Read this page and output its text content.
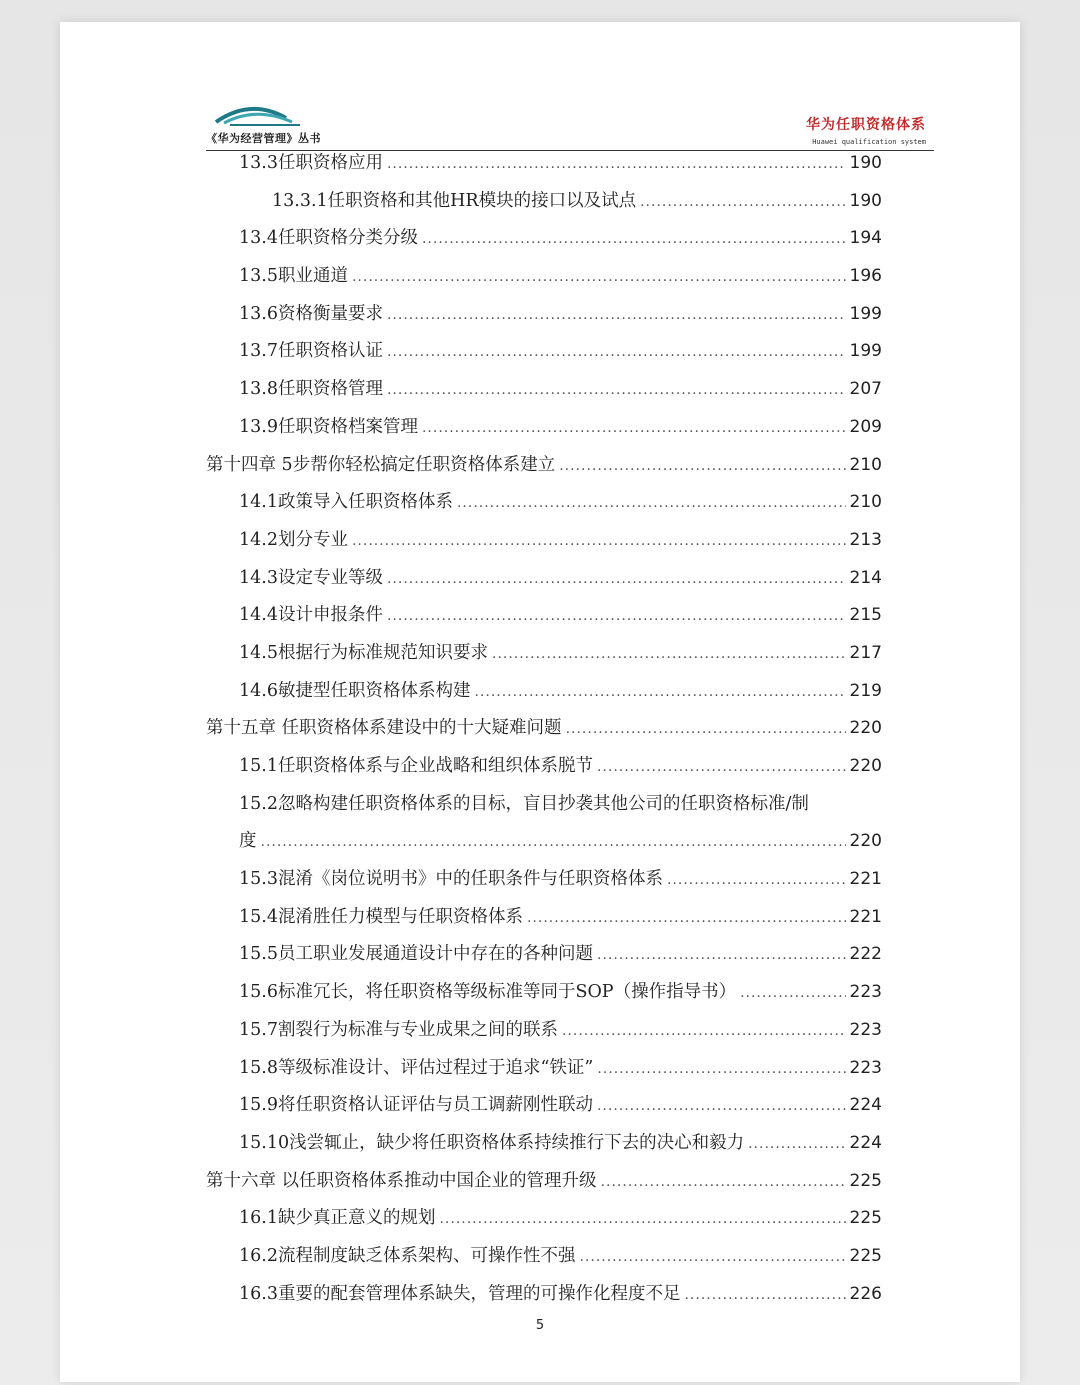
《华为经营管理》丛书
华为任职资格体系
Huawei qualification system
13.3任职资格应用 .....	190
13.3.1任职资格和其他HR模块的接口以及试点 .....	190
13.4任职资格分类分级 .....	194
13.5职业通道 .....	196
13.6资格衡量要求 .....	199
13.7任职资格认证 .....	199
13.8任职资格管理 .....	207
13.9任职资格档案管理 .....	209
第十四章 5步帮你轻松搞定任职资格体系建立 .....	210
14.1政策导入任职资格体系 .....	210
14.2划分专业 .....	213
14.3设定专业等级 .....	214
14.4设计申报条件 .....	215
14.5根据行为标准规范知识要求 .....	217
14.6敏捷型任职资格体系构建 .....	219
第十五章 任职资格体系建设中的十大疑难问题 .....	220
15.1任职资格体系与企业战略和组织体系脱节 .....	220
15.2忽略构建任职资格体系的目标，盲目抄袭其他公司的任职资格标准/制
度 .....	220
15.3混淆《岗位说明书》中的任职条件与任职资格体系 .....	221
15.4混淆胜任力模型与任职资格体系 .....	221
15.5员工职业发展通道设计中存在的各种问题 .....	222
15.6标准冗长，将任职资格等级标准等同于SOP（操作指导书） .....	223
15.7割裂行为标准与专业成果之间的联系 .....	223
15.8等级标准设计、评估过程过于追求“铁证” .....	223
15.9将任职资格认证评估与员工调薪刚性联动 .....	224
15.10浅尝辄止，缺少将任职资格体系持续推行下去的决心和毅力 .....	224
第十六章 以任职资格体系推动中国企业的管理升级 .....	225
16.1缺少真正意义的规划 .....	225
16.2流程制度缺乏体系架构、可操作性不强 .....	225
16.3重要的配套管理体系缺失，管理的可操作化程度不足 .....	226
5
